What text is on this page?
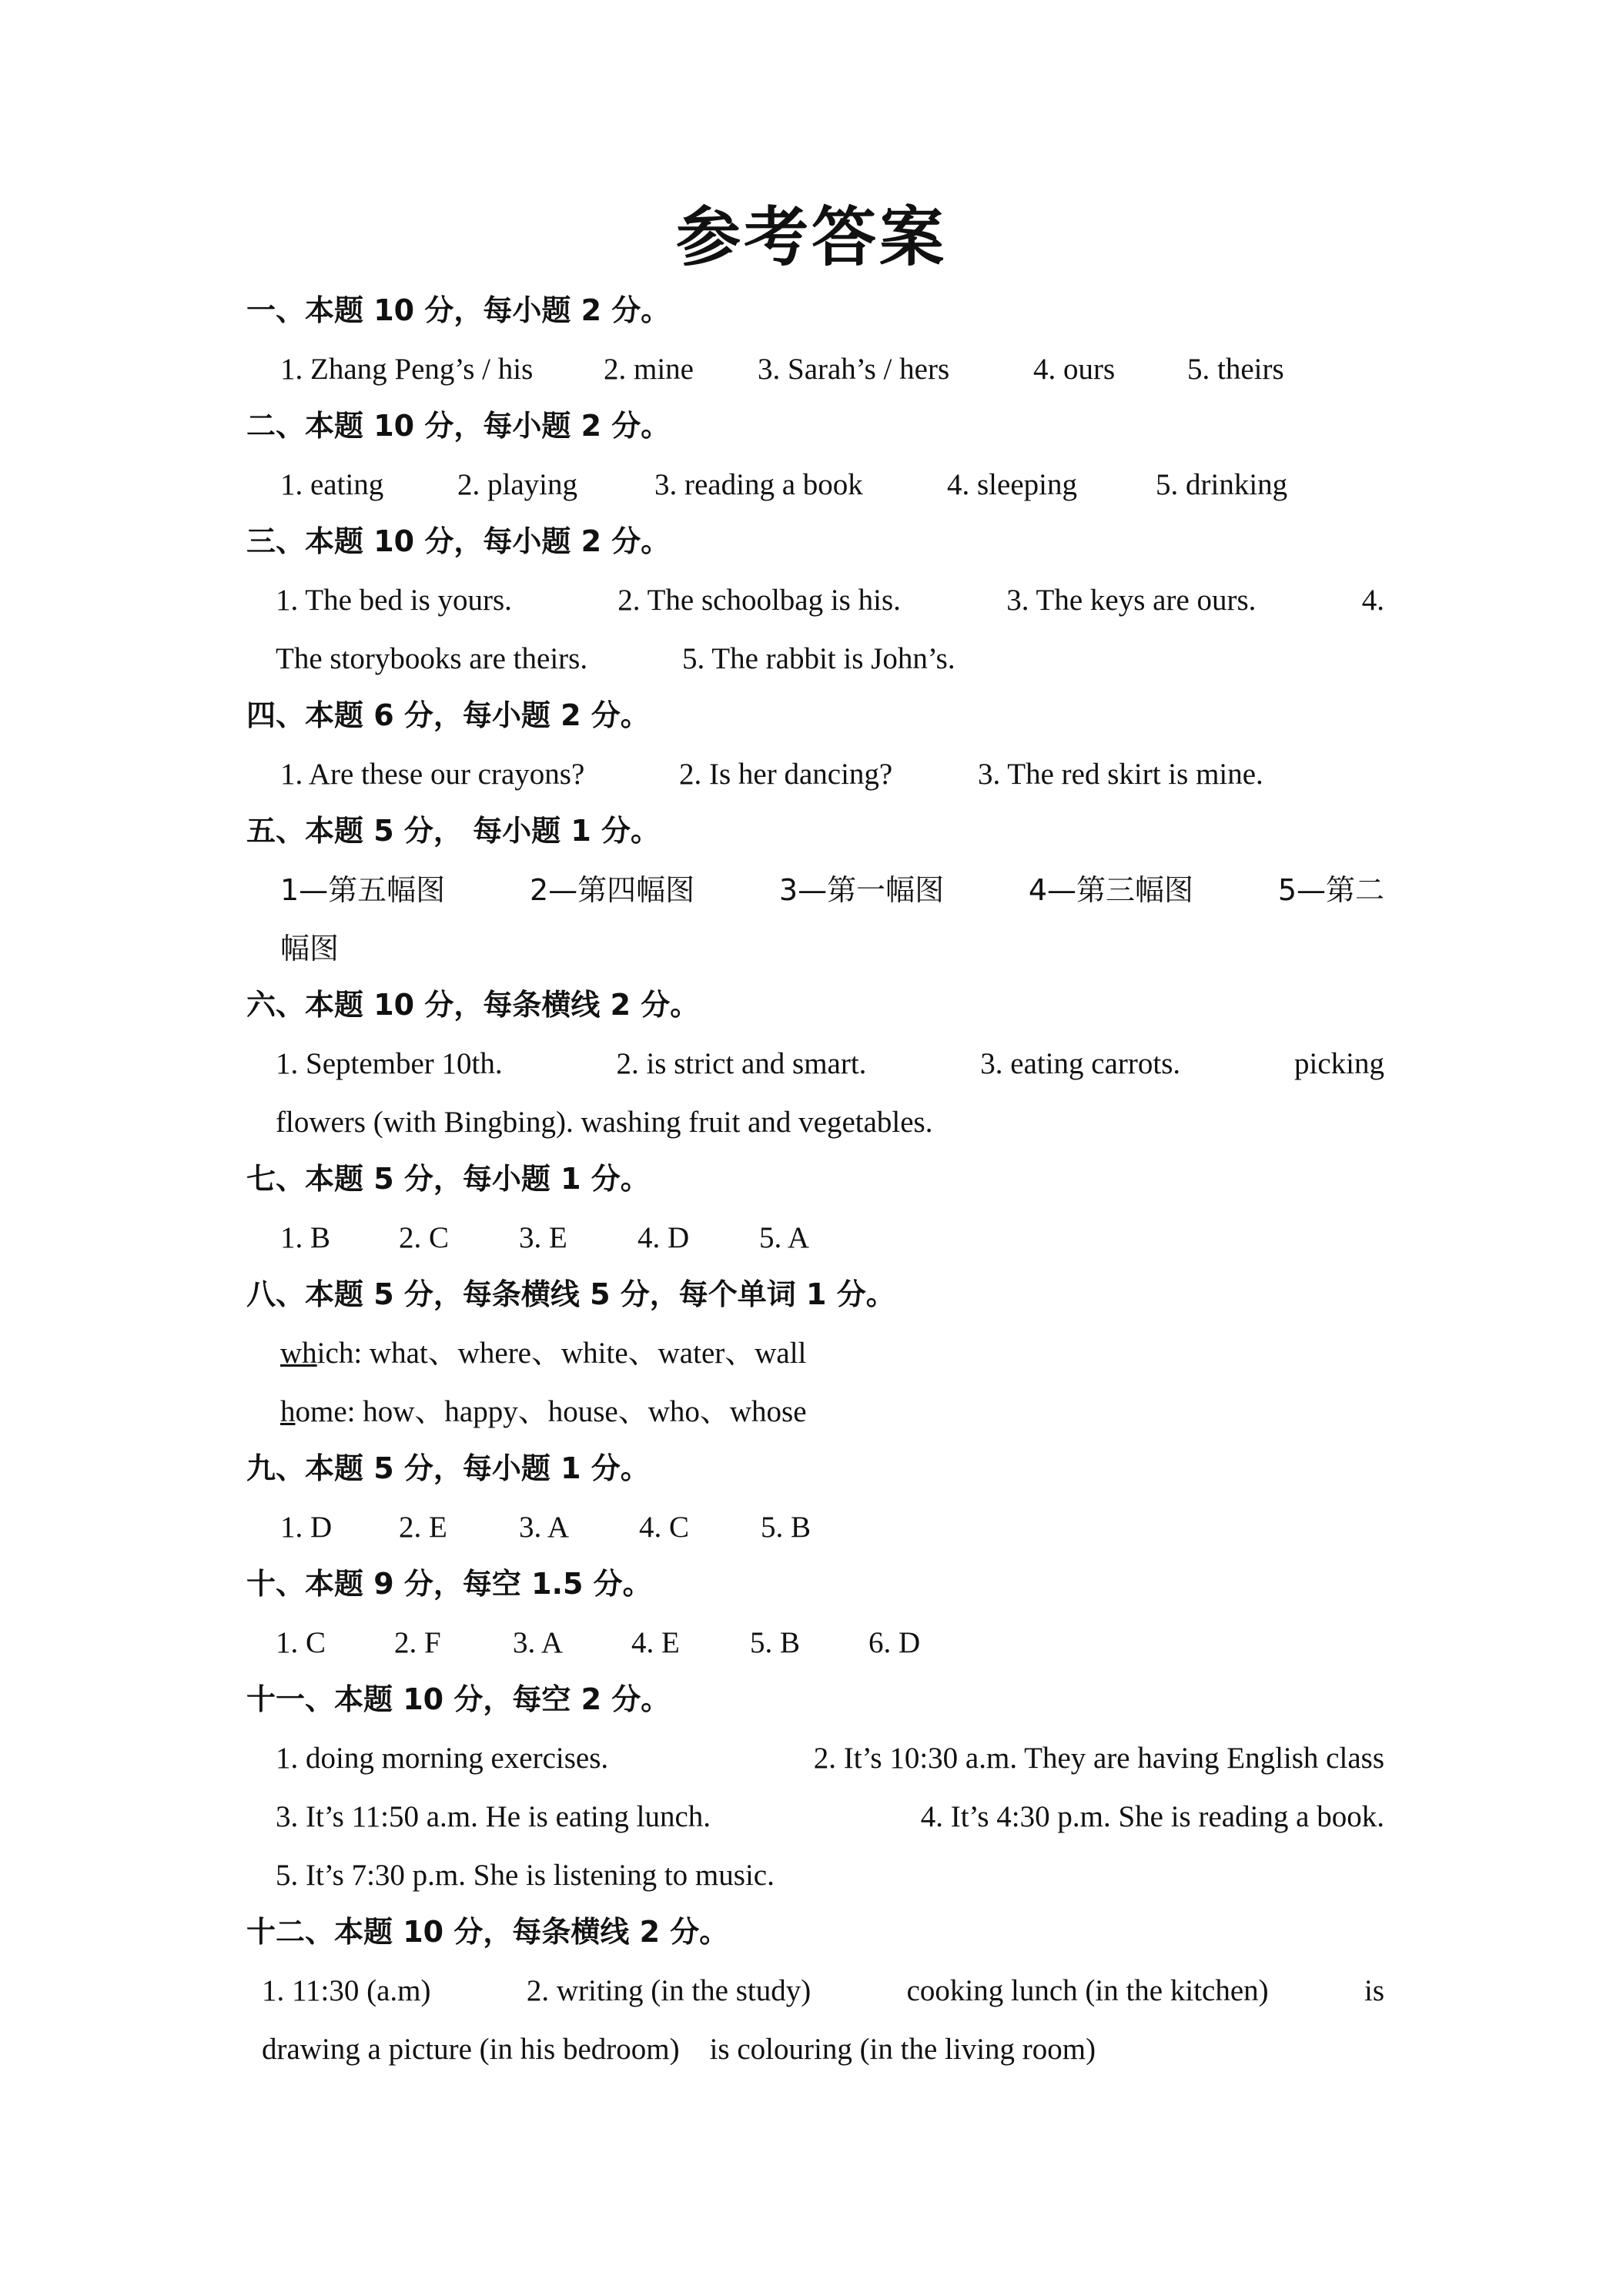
参考答案
一、本题 10 分，每小题 2 分。
1. Zhang Peng’s / his 2. mine 3. Sarah’s / hers	4. ours 5. theirs
二、本题 10 分，每小题 2 分。
1. eating 2. playing	3. reading a book	4. sleeping	5. drinking
三、本题 10 分，每小题 2 分。
1. The bed is yours.	2. The schoolbag is his.	3. The keys are ours.	4.
The storybooks are theirs.	5. The rabbit is John’s.
四、本题 6 分，每小题 2 分。
1. Are these our crayons?	2. Is her dancing?	3. The red skirt is mine.
五、本题 5 分， 每小题 1 分。
1—第五幅图	2—第四幅图	3—第一幅图	4—第三幅图	5—第二
幅图
六、本题 10 分，每条横线 2 分。
1. September 10th.	2. is strict and smart.	3. eating carrots.	picking
flowers (with Bingbing). washing fruit and vegetables.
七、本题 5 分，每小题 1 分。
1. B 2. C 3. E 4. D 5. A
八、本题 5 分，每条横线 5 分，每个单词 1 分。
which: what、where、white、water、wall
home: how、happy、house、who、whose
九、本题 5 分，每小题 1 分。
1. D 2. E 3. A 4. C 5. B
十、本题 9 分，每空 1.5 分。
1. C 2. F 3. A 4. E 5. B 6. D
十一、本题 10 分，每空 2 分。
1. doing morning exercises.	2. It’s 10:30 a.m. They are having English class
3. It’s 11:50 a.m. He is eating lunch.	4. It’s 4:30 p.m. She is reading a book.
5. It’s 7:30 p.m. She is listening to music.
十二、本题 10 分，每条横线 2 分。
1. 11:30 (a.m)	2. writing (in the study)	cooking lunch (in the kitchen)	is
drawing a picture (in his bedroom)    is colouring (in the living room)
